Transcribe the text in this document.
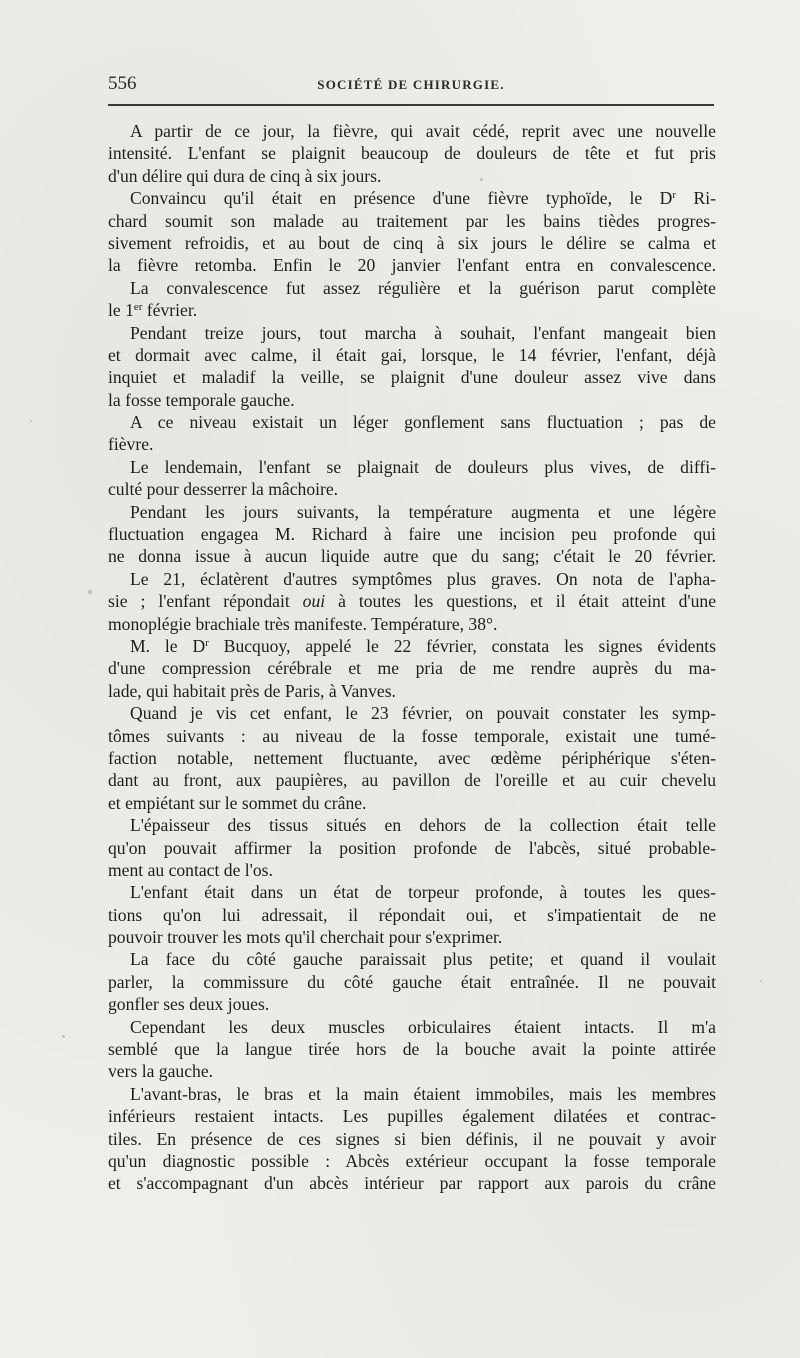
556	SOCIÉTÉ DE CHIRURGIE.
A partir de ce jour, la fièvre, qui avait cédé, reprit avec une nouvelle
intensité. L'enfant se plaignit beaucoup de douleurs de tête et fut pris
d'un délire qui dura de cinq à six jours.
Convaincu qu'il était en présence d'une fièvre typhoïde, le $D^r$ Ri-
chard soumit son malade au traitement par les bains tièdes progres-
sivement refroidis, et au bout de cinq à six jours le délire se calma et
la fièvre retomba. Enfin le 20 janvier l'enfant entra en convalescence.
La convalescence fut assez régulière et la guérison parut complète
le 1er février.
Pendant treize jours, tout marcha à souhait, l'enfant mangeait bien
et dormait avec calme, il était gai, lorsque, le 14 février, l'enfant, déjà
inquiet et maladif la veille, se plaignit d'une douleur assez vive dans
la fosse temporale gauche.
A ce niveau existait un léger gonflement sans fluctuation ; pas de
fièvre.
Le lendemain, l'enfant se plaignait de douleurs plus vives, de diffi-
culté pour desserrer la mâchoire.
Pendant les jours suivants, la température augmenta et une légère
fluctuation engagea M. Richard à faire une incision peu profonde qui
ne donna issue à aucun liquide autre que du sang; c'était le 20 février.
Le 21, éclatèrent d'autres symptômes plus graves. On nota de l'apha-
sie ; l'enfant répondait oui à toutes les questions, et il était atteint d'une
monoplégie brachiale très manifeste. Température, 38°.
M. le $D^r$ Bucquoy, appelé le 22 février, constata les signes évidents
d'une compression cérébrale et me pria de me rendre auprès du ma-
lade, qui habitait près de Paris, à Vanves.
Quand je vis cet enfant, le 23 février, on pouvait constater les symp-
tômes suivants : au niveau de la fosse temporale, existait une tumé-
faction notable, nettement fluctuante, avec œdème périphérique s'éten-
dant au front, aux paupières, au pavillon de l'oreille et au cuir chevelu
et empiétant sur le sommet du crâne.
L'épaisseur des tissus situés en dehors de la collection était telle
qu'on pouvait affirmer la position profonde de l'abcès, situé probable-
ment au contact de l'os.
L'enfant était dans un état de torpeur profonde, à toutes les ques-
tions qu'on lui adressait, il répondait oui, et s'impatientait de ne
pouvoir trouver les mots qu'il cherchait pour s'exprimer.
La face du côté gauche paraissait plus petite; et quand il voulait
parler, la commissure du côté gauche était entraînée. Il ne pouvait
gonfler ses deux joues.
Cependant les deux muscles orbiculaires étaient intacts. Il m'a
semblé que la langue tirée hors de la bouche avait la pointe attirée
vers la gauche.
L'avant-bras, le bras et la main étaient immobiles, mais les membres
inférieurs restaient intacts. Les pupilles également dilatées et contrac-
tiles. En présence de ces signes si bien définis, il ne pouvait y avoir
qu'un diagnostic possible : Abcès extérieur occupant la fosse temporale
et s'accompagnant d'un abcès intérieur par rapport aux parois du crâne
